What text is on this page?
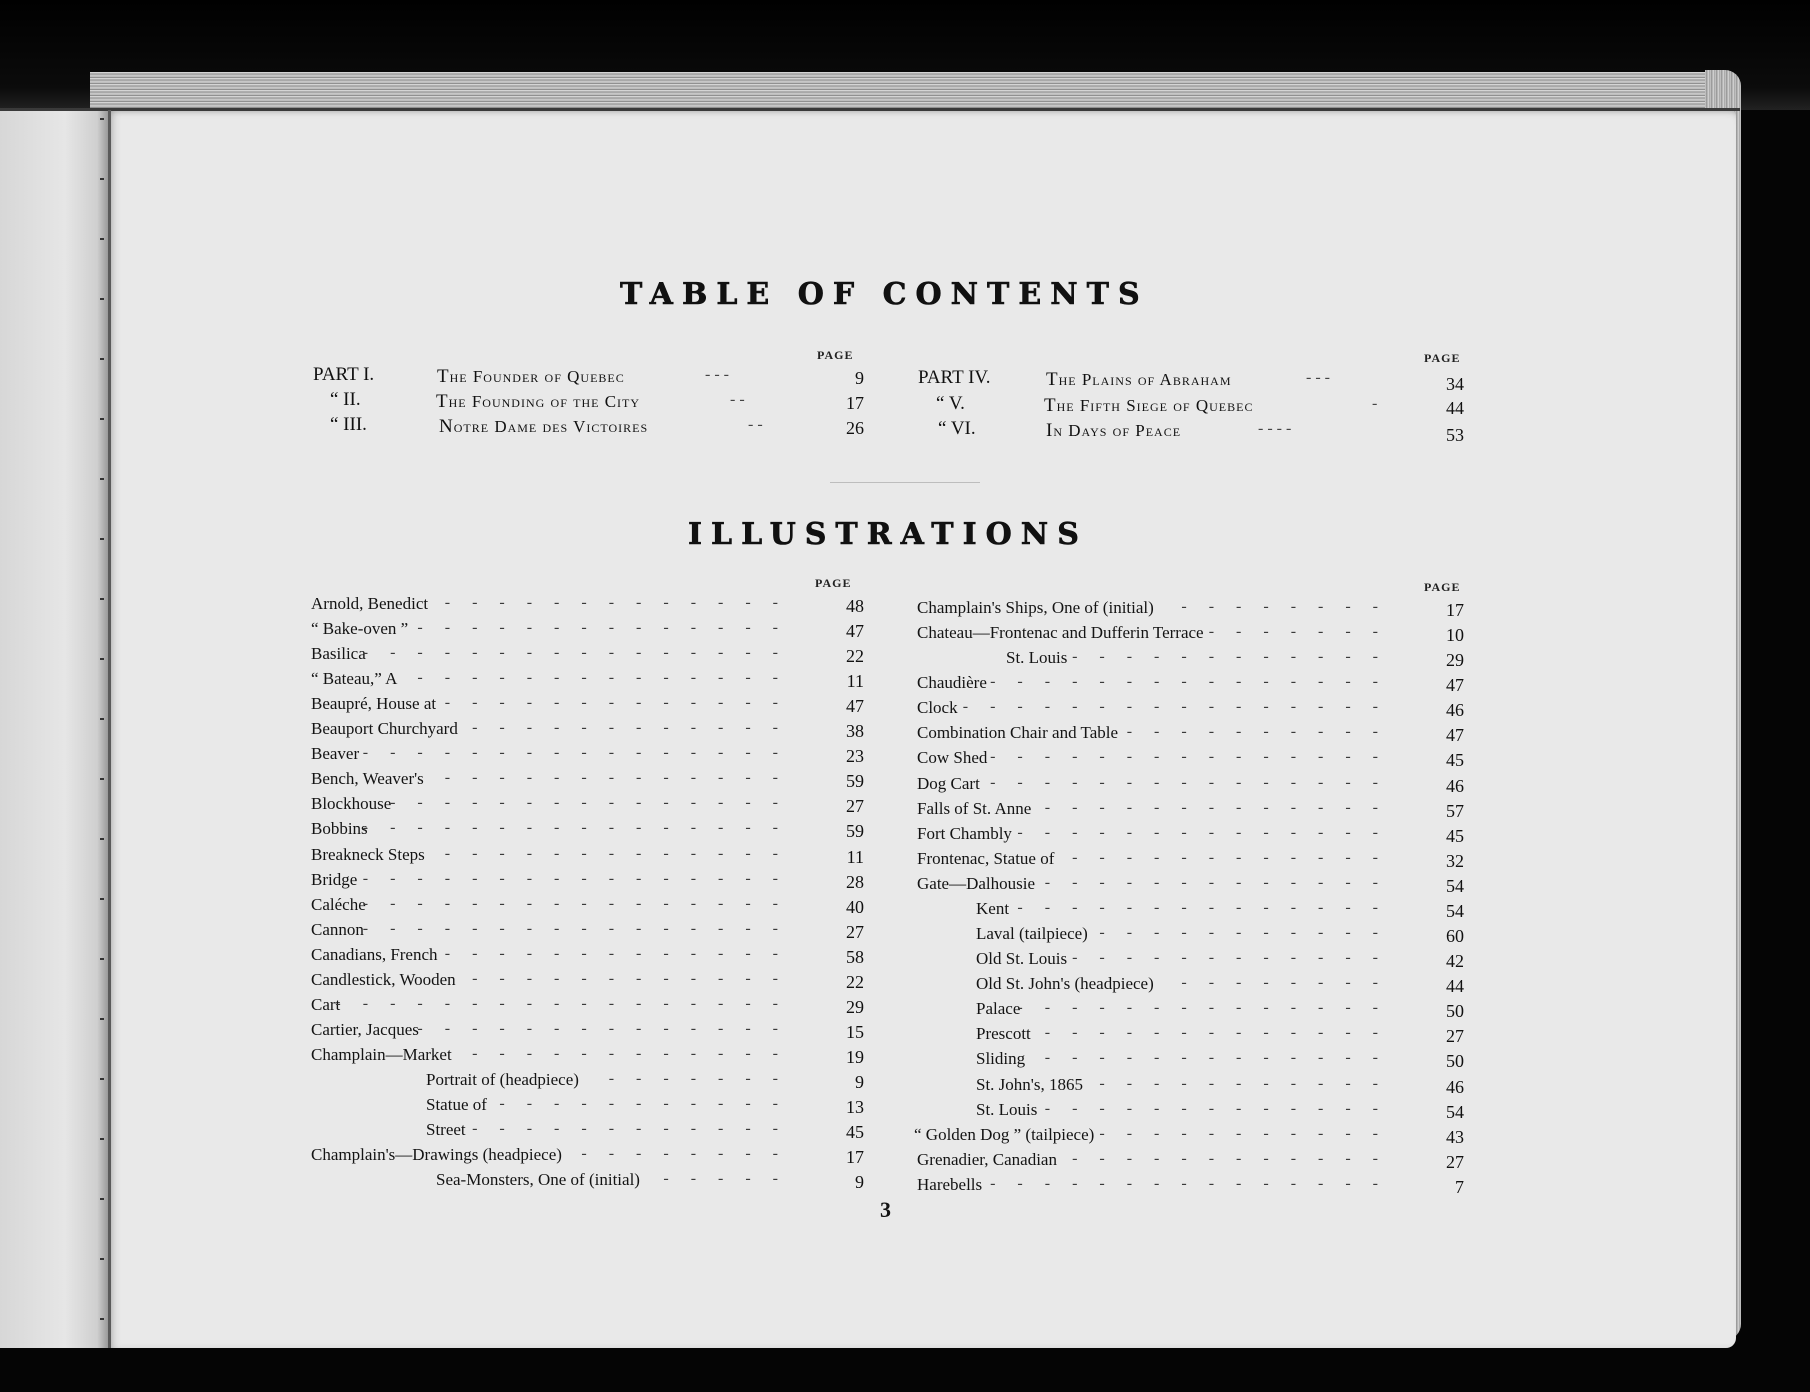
TABLE OF CONTENTS
PAGE	PAGE
PART I.	The Founder of Quebec	- - -	9
“ II.	The Founding of the City	- -	17
“ III.	Notre Dame des Victoires	- -	26
PART IV.	The Plains of Abraham	- - -	34
“ V.	The Fifth Siege of Quebec	-	44
“ VI.	In Days of Peace	- - - -	53
ILLUSTRATIONS
PAGE	PAGE
Arnold, Benedict	48
-------------
“ Bake-oven ”	47
--------------
Basilica	22
----------------
“ Bateau,” A	11
--------------
Beaupré, House at	47
-------------
Beauport Churchyard	38
------------
Beaver	23
----------------
Bench, Weaver's	59
-------------
Blockhouse	27
---------------
Bobbins	59
----------------
Breakneck Steps	11
-------------
Bridge	28
----------------
Caléche	40
----------------
Cannon	27
----------------
Canadians, French	58
-------------
Candlestick, Wooden	22
------------
Cart	29
-----------------
Cartier, Jacques	15
--------------
Champlain—Market	19
------------
Portrait of (headpiece)	9
-------
Statue of	13
-----------
Street	45
------------
Champlain's—Drawings (headpiece)	17
--------
Sea-Monsters, One of (initial)	9
-----
Champlain's Ships, One of (initial)	17
--------
Chateau—Frontenac and Dufferin Terrace	10
-------
St. Louis	29
------------
Chaudière	47
---------------
Clock	46
----------------
Combination Chair and Table	47
----------
Cow Shed	45
---------------
Dog Cart	46
---------------
Falls of St. Anne	57
-------------
Fort Chambly	45
--------------
Frontenac, Statue of	32
------------
Gate—Dalhousie	54
-------------
Kent	54
--------------
Laval (tailpiece)	60
-----------
Old St. Louis	42
------------
Old St. John's (headpiece)	44
--------
Palace	50
--------------
Prescott	27
-------------
Sliding	50
-------------
St. John's, 1865	46
-----------
St. Louis	54
-------------
“ Golden Dog ” (tailpiece)	43
-----------
Grenadier, Canadian	27
------------
Harebells	7
---------------
3
